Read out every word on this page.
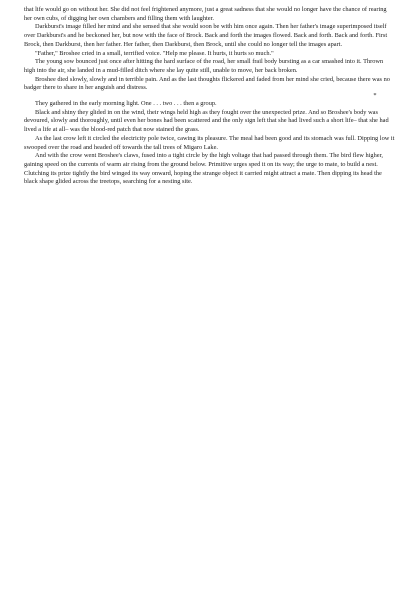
that life would go on without her. She did not feel frightened anymore, just a great sadness that she would no longer have the chance of rearing her own cubs, of digging her own chambers and filling them with laughter.

Darkburst's image filled her mind and she sensed that she would soon be with him once again. Then her father's image superimposed itself over Darkburst's and he beckoned her, but now with the face of Brock. Back and forth the images flowed. Back and forth. Back and forth. First Brock, then Darkburst, then her father. Her father, then Darkburst, then Brock, until she could no longer tell the images apart.

"Father," Broshee cried in a small, terrified voice. "Help me please. It hurts, it hurts so much."

The young sow bounced just once after hitting the hard surface of the road, her small frail body bursting as a car smashed into it. Thrown high into the air, she landed in a mud-filled ditch where she lay quite still, unable to move, her back broken.

Broshee died slowly, slowly and in terrible pain. And as the last thoughts flickered and faded from her mind she cried, because there was no badger there to share in her anguish and distress.

*

They gathered in the early morning light. One . . . two . . . then a group.

Black and shiny they glided in on the wind, their wings held high as they fought over the unexpected prize. And so Broshee's body was devoured, slowly and thoroughly, until even her bones had been scattered and the only sign left that she had lived such a short life– that she had lived a life at all– was the blood-red patch that now stained the grass.

As the last crow left it circled the electricity pole twice, cawing its pleasure. The meal had been good and its stomach was full. Dipping low it swooped over the road and headed off towards the tall trees of Migaro Lake.

And with the crow went Broshee's claws, fused into a tight circle by the high voltage that had passed through them. The bird flew higher, gaining speed on the currents of warm air rising from the ground below. Primitive urges sped it on its way; the urge to mate, to build a nest. Clutching its prize tightly the bird winged its way onward, hoping the strange object it carried might attract a mate. Then dipping its head the black shape glided across the treetops, searching for a nesting site.
